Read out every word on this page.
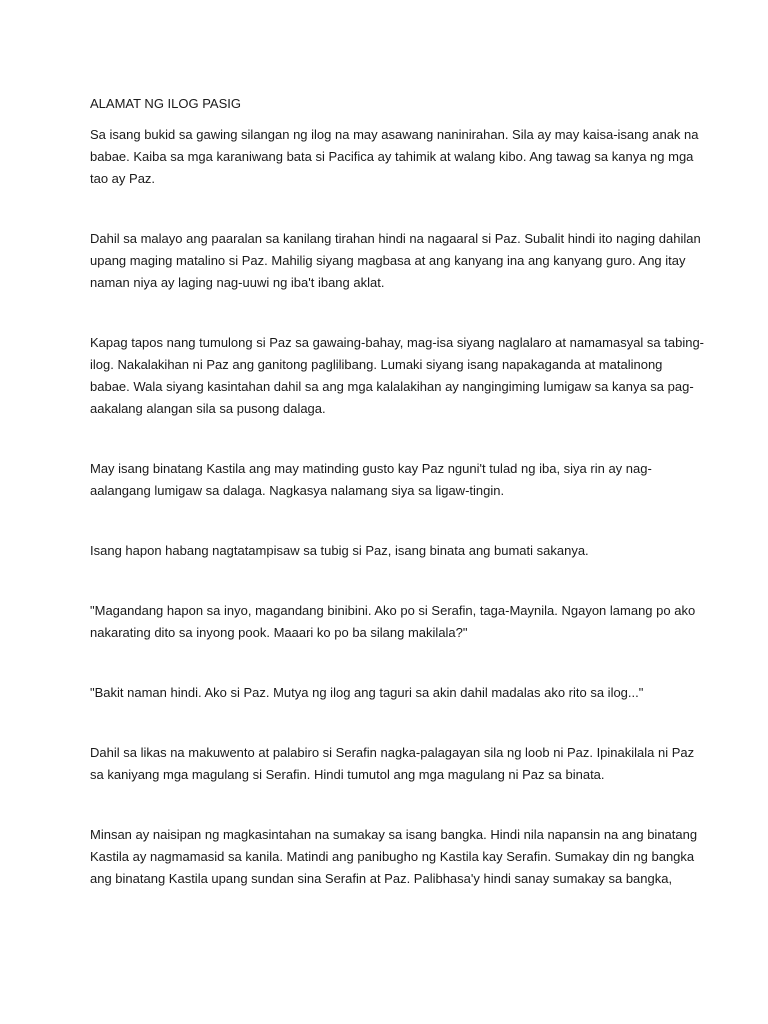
ALAMAT NG ILOG PASIG

Sa isang bukid sa gawing silangan ng ilog na may asawang naninirahan. Sila ay may kaisa-isang anak na
babae. Kaiba sa mga karaniwang bata si Pacifica ay tahimik at walang kibo. Ang tawag sa kanya ng mga
tao ay Paz.

Dahil sa malayo ang paaralan sa kanilang tirahan hindi na nagaaral si Paz. Subalit hindi ito naging dahilan
upang maging matalino si Paz. Mahilig siyang magbasa at ang kanyang ina ang kanyang guro. Ang itay
naman niya ay laging nag-uuwi ng iba't ibang aklat.

Kapag tapos nang tumulong si Paz sa gawaing-bahay, mag-isa siyang naglalaro at namamasyal sa tabing-
ilog. Nakalakihan ni Paz ang ganitong paglilibang. Lumaki siyang isang napakaganda at matalinong
babae. Wala siyang kasintahan dahil sa ang mga kalalakihan ay nangingiming lumigaw sa kanya sa pag-
aakalang alangan sila sa pusong dalaga.

May isang binatang Kastila ang may matinding gusto kay Paz nguni't tulad ng iba, siya rin ay nag-
aalangang lumigaw sa dalaga. Nagkasya nalamang siya sa ligaw-tingin.

Isang hapon habang nagtatampisaw sa tubig si Paz, isang binata ang bumati sakanya.

"Magandang hapon sa inyo, magandang binibini. Ako po si Serafin, taga-Maynila. Ngayon lamang po ako
nakarating dito sa inyong pook. Maaari ko po ba silang makilala?"

"Bakit naman hindi. Ako si Paz. Mutya ng ilog ang taguri sa akin dahil madalas ako rito sa ilog..."

Dahil sa likas na makuwento at palabiro si Serafin nagka-palagayan sila ng loob ni Paz. Ipinakilala ni Paz
sa kaniyang mga magulang si Serafin. Hindi tumutol ang mga magulang ni Paz sa binata.

Minsan ay naisipan ng magkasintahan na sumakay sa isang bangka. Hindi nila napansin na ang binatang
Kastila ay nagmamasid sa kanila. Matindi ang panibugho ng Kastila kay Serafin. Sumakay din ng bangka
ang binatang Kastila upang sundan sina Serafin at Paz. Palibhasa'y hindi sanay sumakay sa bangka,
